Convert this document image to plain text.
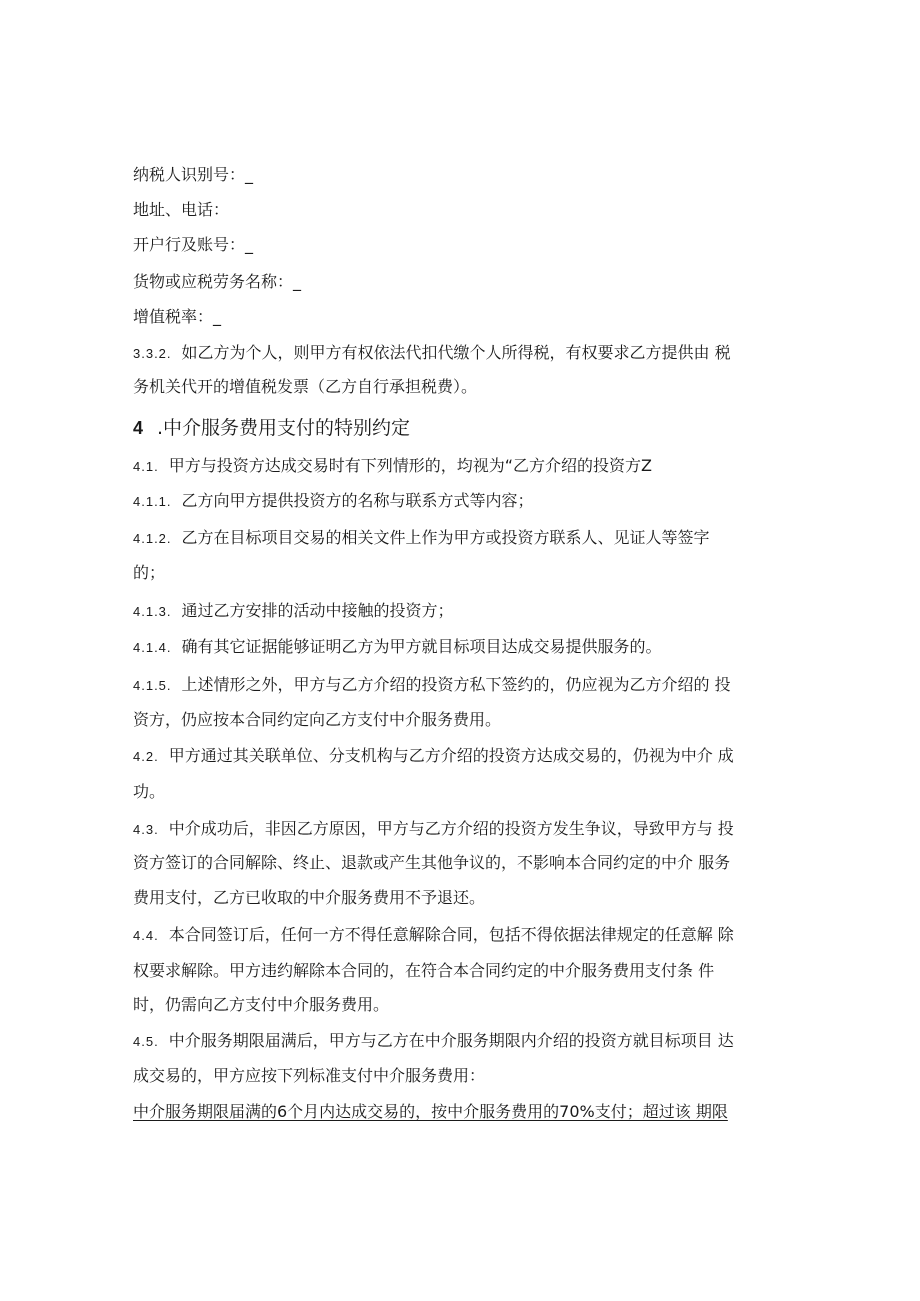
纳税人识别号：_
地址、电话：
开户行及账号：_
货物或应税劳务名称：_
增值税率：_
3.3.2. 如乙方为个人，则甲方有权依法代扣代缴个人所得税，有权要求乙方提供由 税
务机关代开的增值税发票（乙方自行承担税费）。
4 .中介服务费用支付的特别约定
4.1. 甲方与投资方达成交易时有下列情形的，均视为“乙方介绍的投资方Z
4.1.1. 乙方向甲方提供投资方的名称与联系方式等内容；
4.1.2. 乙方在目标项目交易的相关文件上作为甲方或投资方联系人、见证人等签字
的；
4.1.3. 通过乙方安排的活动中接触的投资方；
4.1.4. 确有其它证据能够证明乙方为甲方就目标项目达成交易提供服务的。
4.1.5. 上述情形之外，甲方与乙方介绍的投资方私下签约的，仍应视为乙方介绍的 投
资方，仍应按本合同约定向乙方支付中介服务费用。
4.2. 甲方通过其关联单位、分支机构与乙方介绍的投资方达成交易的，仍视为中介 成
功。
4.3. 中介成功后，非因乙方原因，甲方与乙方介绍的投资方发生争议，导致甲方与 投
资方签订的合同解除、终止、退款或产生其他争议的，不影响本合同约定的中介 服务
费用支付，乙方已收取的中介服务费用不予退还。
4.4. 本合同签订后，任何一方不得任意解除合同，包括不得依据法律规定的任意解 除
权要求解除。甲方违约解除本合同的，在符合本合同约定的中介服务费用支付条 件
时，仍需向乙方支付中介服务费用。
4.5. 中介服务期限届满后，甲方与乙方在中介服务期限内介绍的投资方就目标项目 达
成交易的，甲方应按下列标准支付中介服务费用：
中介服务期限届满的6个月内达成交易的，按中介服务费用的70%支付；超过该 期限
